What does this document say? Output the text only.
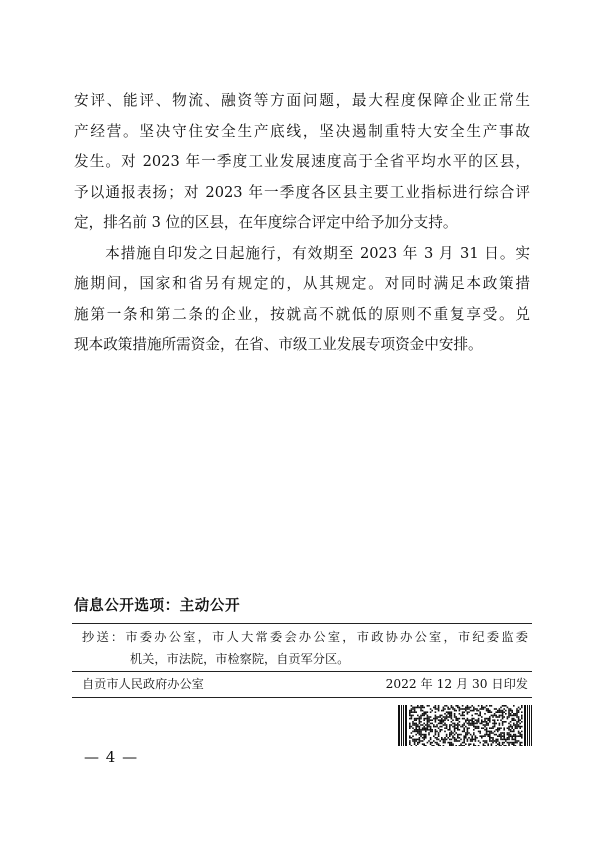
安评、能评、物流、融资等方面问题，最大程度保障企业正常生

产经营。坚决守住安全生产底线，坚决遏制重特大安全生产事故

发生。对 2023 年一季度工业发展速度高于全省平均水平的区县，

予以通报表扬；对 2023 年一季度各区县主要工业指标进行综合评

定，排名前 3 位的区县，在年度综合评定中给予加分支持。

　　本措施自印发之日起施行，有效期至 2023 年 3 月 31 日。实

施期间，国家和省另有规定的，从其规定。对同时满足本政策措

施第一条和第二条的企业，按就高不就低的原则不重复享受。兑

现本政策措施所需资金，在省、市级工业发展专项资金中安排。

信息公开选项：主动公开
抄送：市委办公室，市人大常委会办公室，市政协办公室，市纪委监委
机关，市法院，市检察院，自贡军分区。
自贡市人民政府办公室	2022 年 12 月 30 日印发
— 4 —
